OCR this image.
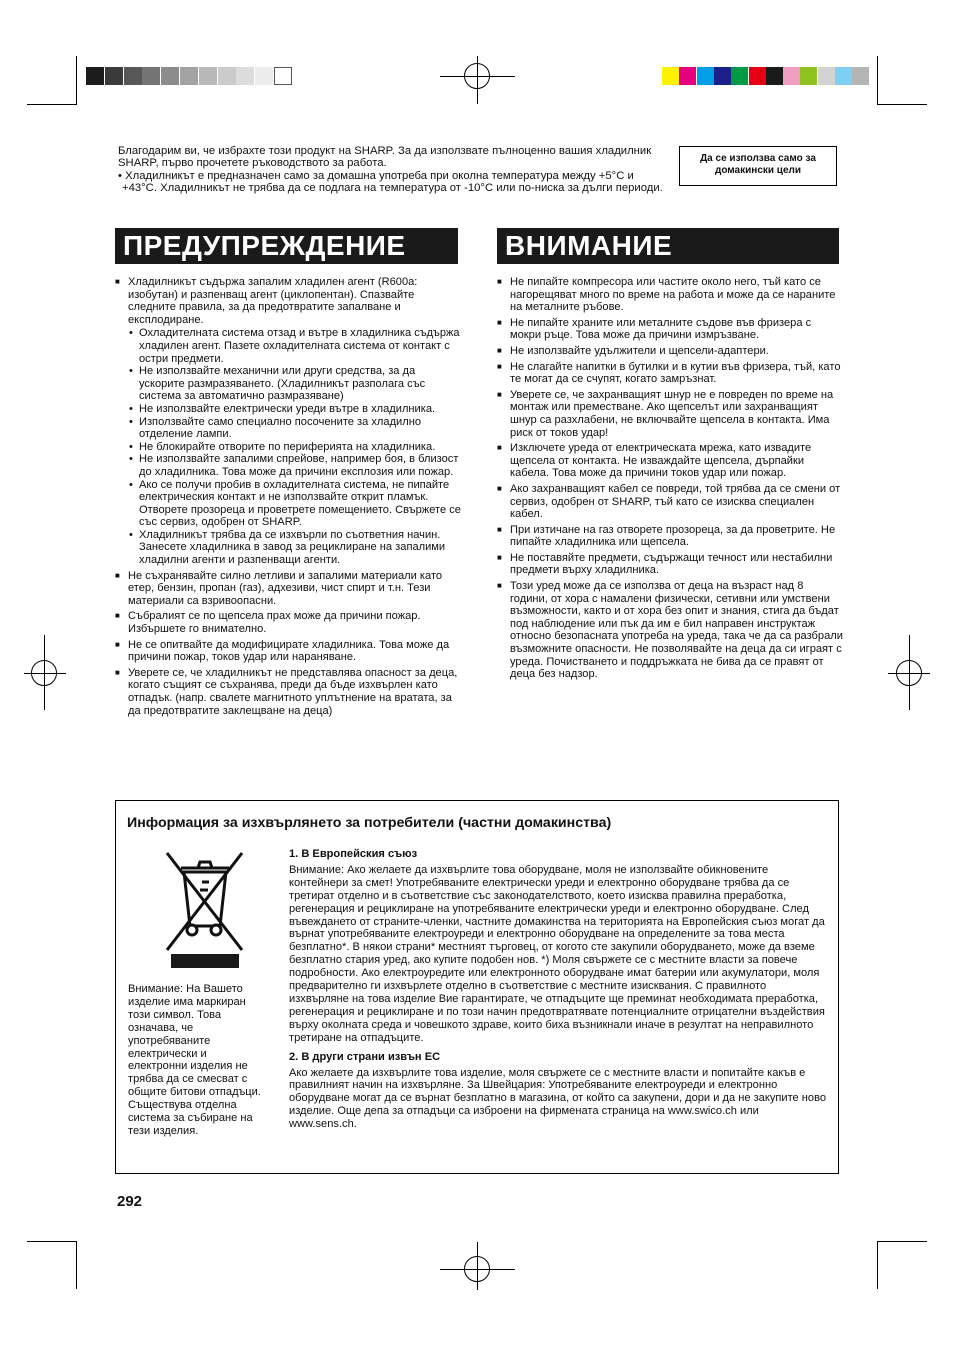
Благодарим ви, че избрахте този продукт на SHARP. За да използвате пълноценно вашия хладилник SHARP, първо прочетете ръководството за работа.

• Хладилникът е предназначен само за домашна употреба при околна температура между +5°C и +43°C. Хладилникът не трябва да се подлага на температура от -10°C или по-ниска за дълги периоди.

Да се използва само за
домакински цели
ПРЕДУПРЕЖДЕНИЕ	ВНИМАНИЕ
■ Хладилникът съдържа запалим хладилен агент (R600a: изобутан) и разпенващ агент (циклопентан). Спазвайте следните правила, за да предотвратите запалване и експлодиране.
• Охладителната система отзад и вътре в хладилника съдържа хладилен агент. Пазете охладителната система от контакт с остри предмети.
• Не използвайте механични или други средства, за да ускорите размразяването. (Хладилникът разполага със система за автоматично размразяване)
• Не използвайте електрически уреди вътре в хладилника.
• Използвайте само специално посочените за хладилно отделение лампи.
• Не блокирайте отворите по периферията на хладилника.
• Не използвайте запалими спрейове, например боя, в близост до хладилника. Това може да причини експлозия или пожар.
• Ако се получи пробив в охладителната система, не пипайте електрическия контакт и не използвайте открит пламък. Отворете прозореца и проветрете помещението. Свържете се със сервиз, одобрен от SHARP.
• Хладилникът трябва да се изхвърли по съответния начин. Занесете хладилника в завод за рециклиране на запалими хладилни агенти и разпенващи агенти.
■ Не съхранявайте силно летливи и запалими материали като етер, бензин, пропан (газ), адхезиви, чист спирт и т.н. Тези материали са взривоопасни.
■ Събралият се по щепсела прах може да причини пожар. Избършете го внимателно.
■ Не се опитвайте да модифицирате хладилника. Това може да причини пожар, токов удар или нараняване.
■ Уверете се, че хладилникът не представлява опасност за деца, когато същият се съхранява, преди да бъде изхвърлен като отпадък. (напр. свалете магнитното уплътнение на вратата, за да предотвратите заклещване на деца)
■ Не пипайте компресора или частите около него, тъй като се нагорещяват много по време на работа и може да се нараните на металните ръбове.
■ Не пипайте храните или металните съдове във фризера с мокри ръце. Това може да причини измръзване.
■ Не използвайте удължители и щепсели-адаптери.
■ Не слагайте напитки в бутилки и в кутии във фризера, тъй, като те могат да се счупят, когато замръзнат.
■ Уверете се, че захранващият шнур не е повреден по време на монтаж или преместване. Ако щепселът или захранващият шнур са разхлабени, не включвайте щепсела в контакта. Има риск от токов удар!
■ Изключете уреда от електрическата мрежа, като извадите щепсела от контакта. Не изваждайте щепсела, дърпайки кабела. Това може да причини токов удар или пожар.
■ Ако захранващият кабел се повреди, той трябва да се смени от сервиз, одобрен от SHARP, тъй като се изисква специален кабел.
■ При изтичане на газ отворете прозореца, за да проветрите. Не пипайте хладилника или щепсела.
■ Не поставяйте предмети, съдържащи течност или нестабилни предмети върху хладилника.
■ Този уред може да се използва от деца на възраст над 8 години, от хора с намалени физически, сетивни или умствени възможности, както и от хора без опит и знания, стига да бъдат под наблюдение или пък да им е бил направен инструктаж относно безопасната употреба на уреда, така че да са разбрали възможните опасности. Не позволявайте на деца да си играят с уреда. Почистването и поддръжката не бива да се правят от деца без надзор.
Информация за изхвърлянето за потребители (частни домакинства)
Внимание: На Вашето изделие има маркиран този символ. Това означава, че употребяваните електрически и електронни изделия не трябва да се смесват с общите битови отпадъци. Съществува отделна система за събиране на тези изделия.
1. В Европейския съюз

Внимание: Ако желаете да изхвърлите това оборудване, моля не използвайте обикновените контейнери за смет! Употребяваните електрически уреди и електронно оборудване трябва да се третират отделно и в съответствие със законодателството, което изисква правилна преработка, регенерация и рециклиране на употребяваните електрически уреди и електронно оборудване. След въвеждането от страните-членки, частните домакинства на територията на Европейския съюз могат да върнат употребяваните електроуреди и електронно оборудване на определените за това места безплатно*. В някои страни* местният търговец, от когото сте закупили оборудването, може да вземе безплатно стария уред, ако купите подобен нов. *) Моля свържете се с местните власти за повече подробности. Ако електроуредите или електронното оборудване имат батерии или акумулатори, моля предварително ги изхвърлете отделно в съответствие с местните изисквания. С правилното изхвърляне на това изделие Вие гарантирате, че отпадъците ще преминат необходимата преработка, регенерация и рециклиране и по този начин предотвратявате потенциалните отрицателни въздействия върху околната среда и човешкото здраве, които биха възникнали иначе в резултат на неправилното третиране на отпадъците.

2. В други страни извън ЕС

Ако желаете да изхвърлите това изделие, моля свържете се с местните власти и попитайте какъв е правилният начин на изхвърляне. За Швейцария: Употребяваните електроуреди и електронно оборудване могат да се върнат безплатно в магазина, от който са закупени, дори и да не закупите ново изделие. Още депа за отпадъци са изброени на фирмената страница на www.swico.ch или www.sens.ch.

292
